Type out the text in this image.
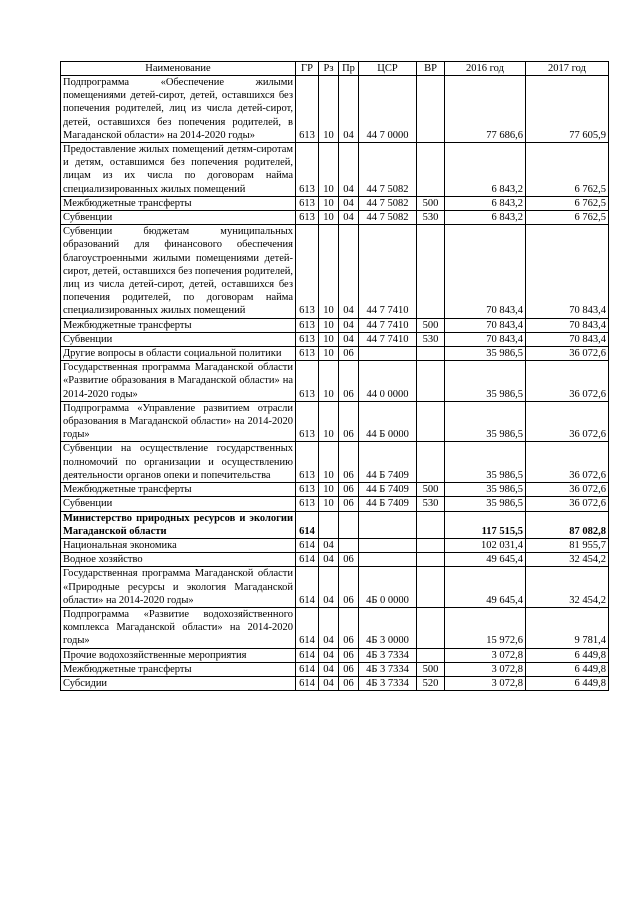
Наименование	ГР	Рз	Пр	ЦСР	ВР	2016 год	2017 год
Подпрограмма «Обеспечение жилыми помещениями детей-сирот, детей, оставшихся без попечения родителей, лиц из числа детей-сирот, детей, оставшихся без попечения родителей, в Магаданской области» на 2014-2020 годы»	613	10	04	44 7 0000		77 686,6	77 605,9
Предоставление жилых помещений детям-сиротам и детям, оставшимся без попечения родителей, лицам из их числа по договорам найма специализированных жилых помещений	613	10	04	44 7 5082		6 843,2	6 762,5
Межбюджетные трансферты	613	10	04	44 7 5082	500	6 843,2	6 762,5
Субвенции	613	10	04	44 7 5082	530	6 843,2	6 762,5
Субвенции бюджетам муниципальных образований для финансового обеспечения благоустроенными жилыми помещениями детей-сирот, детей, оставшихся без попечения родителей, лиц из числа детей-сирот, детей, оставшихся без попечения родителей, по договорам найма специализированных жилых помещений	613	10	04	44 7 7410		70 843,4	70 843,4
Межбюджетные трансферты	613	10	04	44 7 7410	500	70 843,4	70 843,4
Субвенции	613	10	04	44 7 7410	530	70 843,4	70 843,4
Другие вопросы в области социальной политики	613	10	06			35 986,5	36 072,6
Государственная программа Магаданской области «Развитие образования в Магаданской области» на 2014-2020 годы»	613	10	06	44 0 0000		35 986,5	36 072,6
Подпрограмма «Управление развитием отрасли образования в Магаданской области» на 2014-2020 годы»	613	10	06	44 Б 0000		35 986,5	36 072,6
Субвенции на осуществление государственных полномочий по организации и осуществлению деятельности органов опеки и попечительства	613	10	06	44 Б 7409		35 986,5	36 072,6
Межбюджетные трансферты	613	10	06	44 Б 7409	500	35 986,5	36 072,6
Субвенции	613	10	06	44 Б 7409	530	35 986,5	36 072,6
Министерство природных ресурсов и экологии Магаданской области	614					117 515,5	87 082,8
Национальная экономика	614	04				102 031,4	81 955,7
Водное хозяйство	614	04	06			49 645,4	32 454,2
Государственная программа Магаданской области «Природные ресурсы и экология Магаданской области» на 2014-2020 годы»	614	04	06	4Б 0 0000		49 645,4	32 454,2
Подпрограмма «Развитие водохозяйственного комплекса Магаданской области» на 2014-2020 годы»	614	04	06	4Б 3 0000		15 972,6	9 781,4
Прочие водохозяйственные мероприятия	614	04	06	4Б 3 7334		3 072,8	6 449,8
Межбюджетные трансферты	614	04	06	4Б 3 7334	500	3 072,8	6 449,8
Субсидии	614	04	06	4Б 3 7334	520	3 072,8	6 449,8
